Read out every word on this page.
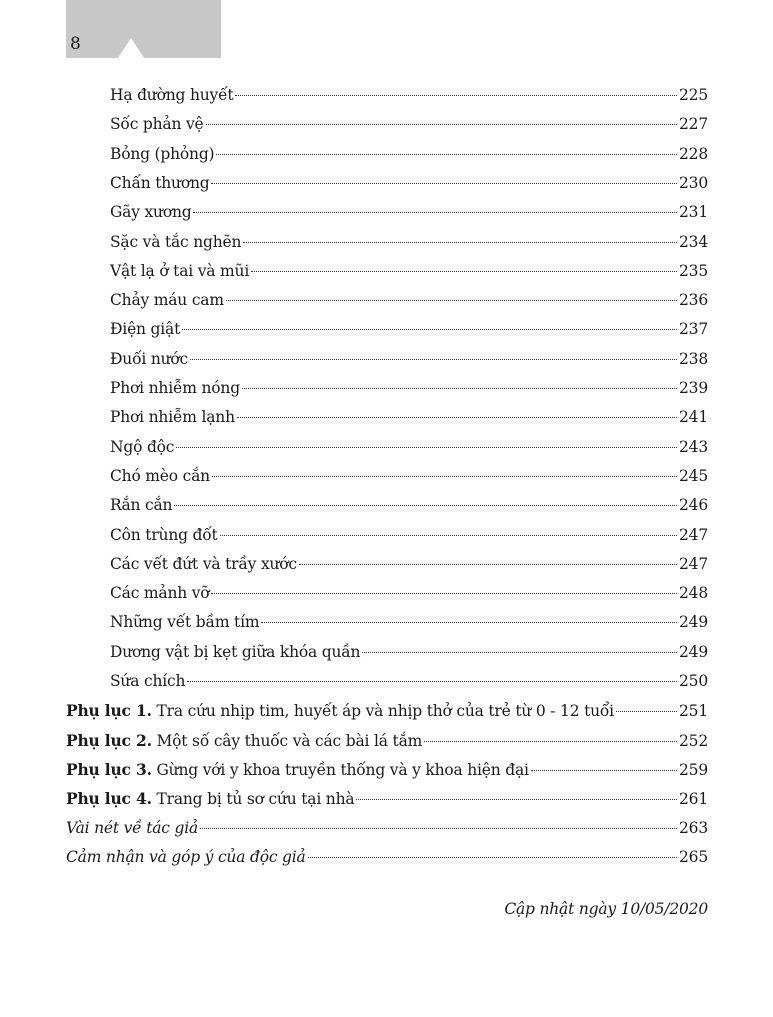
8
Hạ đường huyết	225
Sốc phản vệ	227
Bỏng (phỏng)	228
Chấn thương	230
Gãy xương	231
Sặc và tắc nghẽn	234
Vật lạ ở tai và mũi	235
Chảy máu cam	236
Điện giật	237
Đuối nước	238
Phơi nhiễm nóng	239
Phơi nhiễm lạnh	241
Ngộ độc	243
Chó mèo cắn	245
Rắn cắn	246
Côn trùng đốt	247
Các vết đứt và trầy xước	247
Các mảnh vỡ	248
Những vết bầm tím	249
Dương vật bị kẹt giữa khóa quần	249
Sứa chích	250
Phụ lục 1. Tra cứu nhịp tim, huyết áp và nhịp thở của trẻ từ 0 - 12 tuổi	251
Phụ lục 2. Một số cây thuốc và các bài lá tắm	252
Phụ lục 3. Gừng với y khoa truyền thống và y khoa hiện đại	259
Phụ lục 4. Trang bị tủ sơ cứu tại nhà	261
Vài nét về tác giả	263
Cảm nhận và góp ý của độc giả	265
Cập nhật ngày 10/05/2020
